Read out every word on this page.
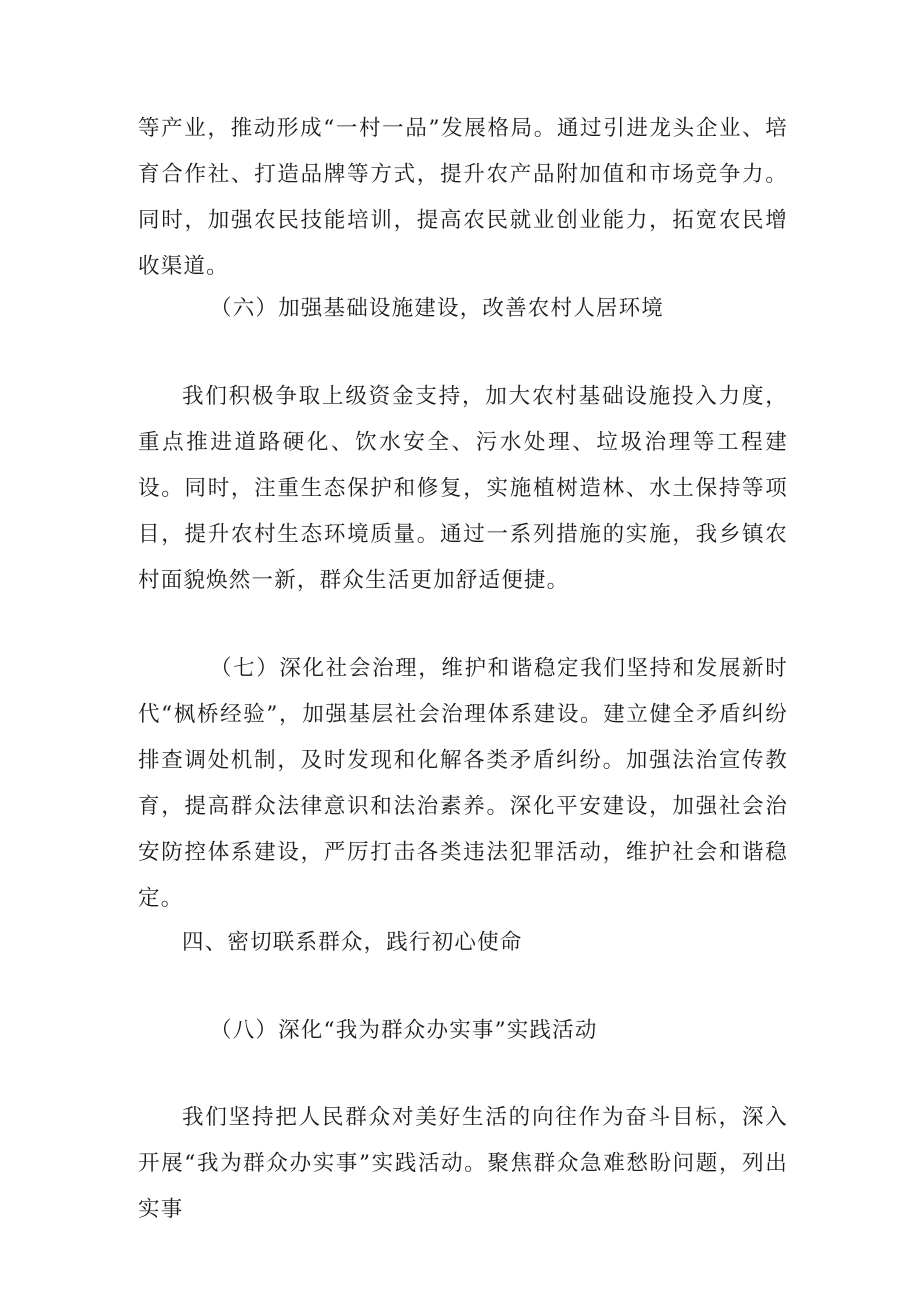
等产业，推动形成“一村一品”发展格局。通过引进龙头企业、培育合作社、打造品牌等方式，提升农产品附加值和市场竞争力。同时，加强农民技能培训，提高农民就业创业能力，拓宽农民增收渠道。

（六）加强基础设施建设，改善农村人居环境

我们积极争取上级资金支持，加大农村基础设施投入力度，重点推进道路硬化、饮水安全、污水处理、垃圾治理等工程建设。同时，注重生态保护和修复，实施植树造林、水土保持等项目，提升农村生态环境质量。通过一系列措施的实施，我乡镇农村面貌焕然一新，群众生活更加舒适便捷。

（七）深化社会治理，维护和谐稳定我们坚持和发展新时代“枫桥经验”，加强基层社会治理体系建设。建立健全矛盾纠纷排查调处机制，及时发现和化解各类矛盾纠纷。加强法治宣传教育，提高群众法律意识和法治素养。深化平安建设，加强社会治安防控体系建设，严厉打击各类违法犯罪活动，维护社会和谐稳定。

四、密切联系群众，践行初心使命

（八）深化“我为群众办实事”实践活动

我们坚持把人民群众对美好生活的向往作为奋斗目标，深入开展“我为群众办实事”实践活动。聚焦群众急难愁盼问题，列出实事
